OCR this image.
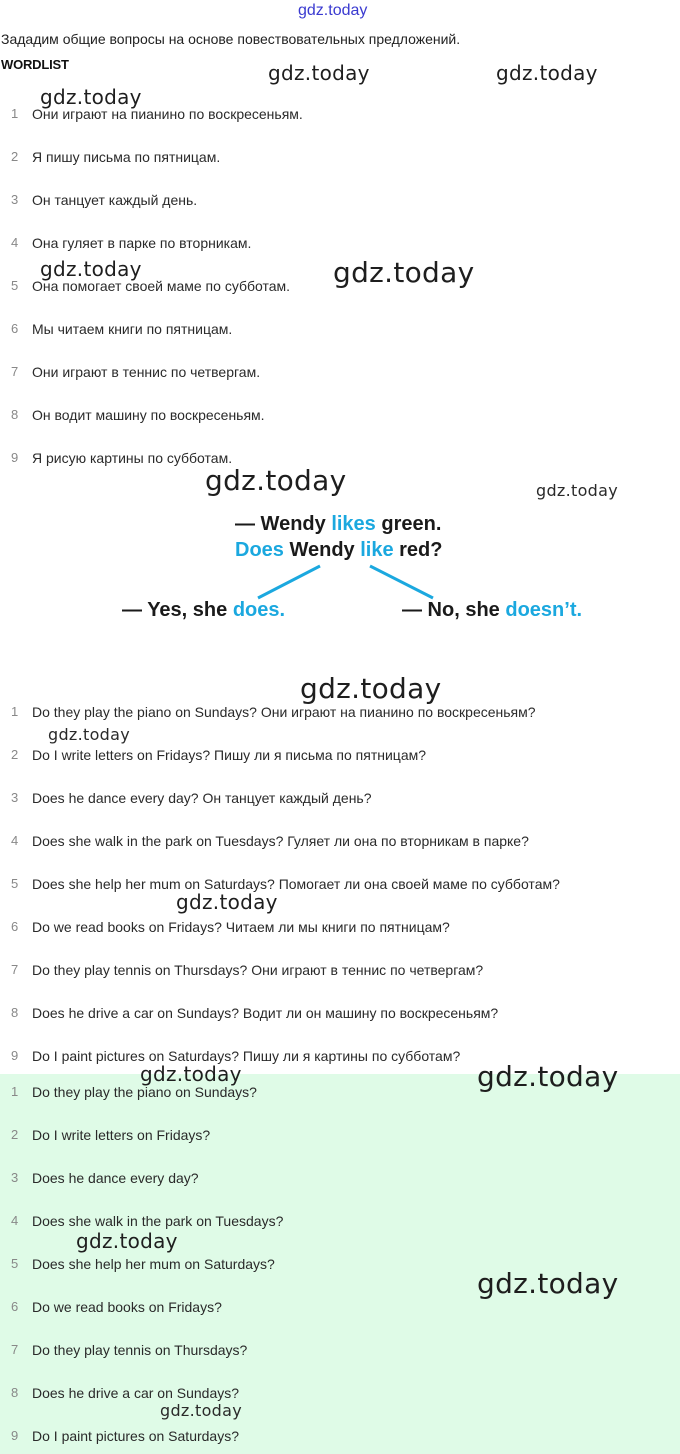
gdz.today
Зададим общие вопросы на основе повествовательных предложений.
WORDLIST
1 Они играют на пианино по воскресеньям.
2 Я пишу письма по пятницам.
3 Он танцует каждый день.
4 Она гуляет в парке по вторникам.
5 Она помогает своей маме по субботам.
6 Мы читаем книги по пятницам.
7 Они играют в теннис по четвергам.
8 Он водит машину по воскресеньям.
9 Я рисую картины по субботам.
— Wendy likes green.
Does Wendy like red?
— Yes, she does.	— No, she doesn’t.
1 Do they play the piano on Sundays? Они играют на пианино по воскресеньям?
2 Do I write letters on Fridays? Пишу ли я письма по пятницам?
3 Does he dance every day? Он танцует каждый день?
4 Does she walk in the park on Tuesdays? Гуляет ли она по вторникам в парке?
5 Does she help her mum on Saturdays? Помогает ли она своей маме по субботам?
6 Do we read books on Fridays? Читаем ли мы книги по пятницам?
7 Do they play tennis on Thursdays? Они играют в теннис по четвергам?
8 Does he drive a car on Sundays? Водит ли он машину по воскресеньям?
9 Do I paint pictures on Saturdays? Пишу ли я картины по субботам?
1 Do they play the piano on Sundays?
2 Do I write letters on Fridays?
3 Does he dance every day?
4 Does she walk in the park on Tuesdays?
5 Does she help her mum on Saturdays?
6 Do we read books on Fridays?
7 Do they play tennis on Thursdays?
8 Does he drive a car on Sundays?
9 Do I paint pictures on Saturdays?
gdz.today	gdz.today
gdz.today
gdz.today	gdz.today
gdz.today	gdz.today
gdz.today
gdz.today
gdz.today
gdz.today	gdz.today
gdz.today
gdz.today
gdz.today
